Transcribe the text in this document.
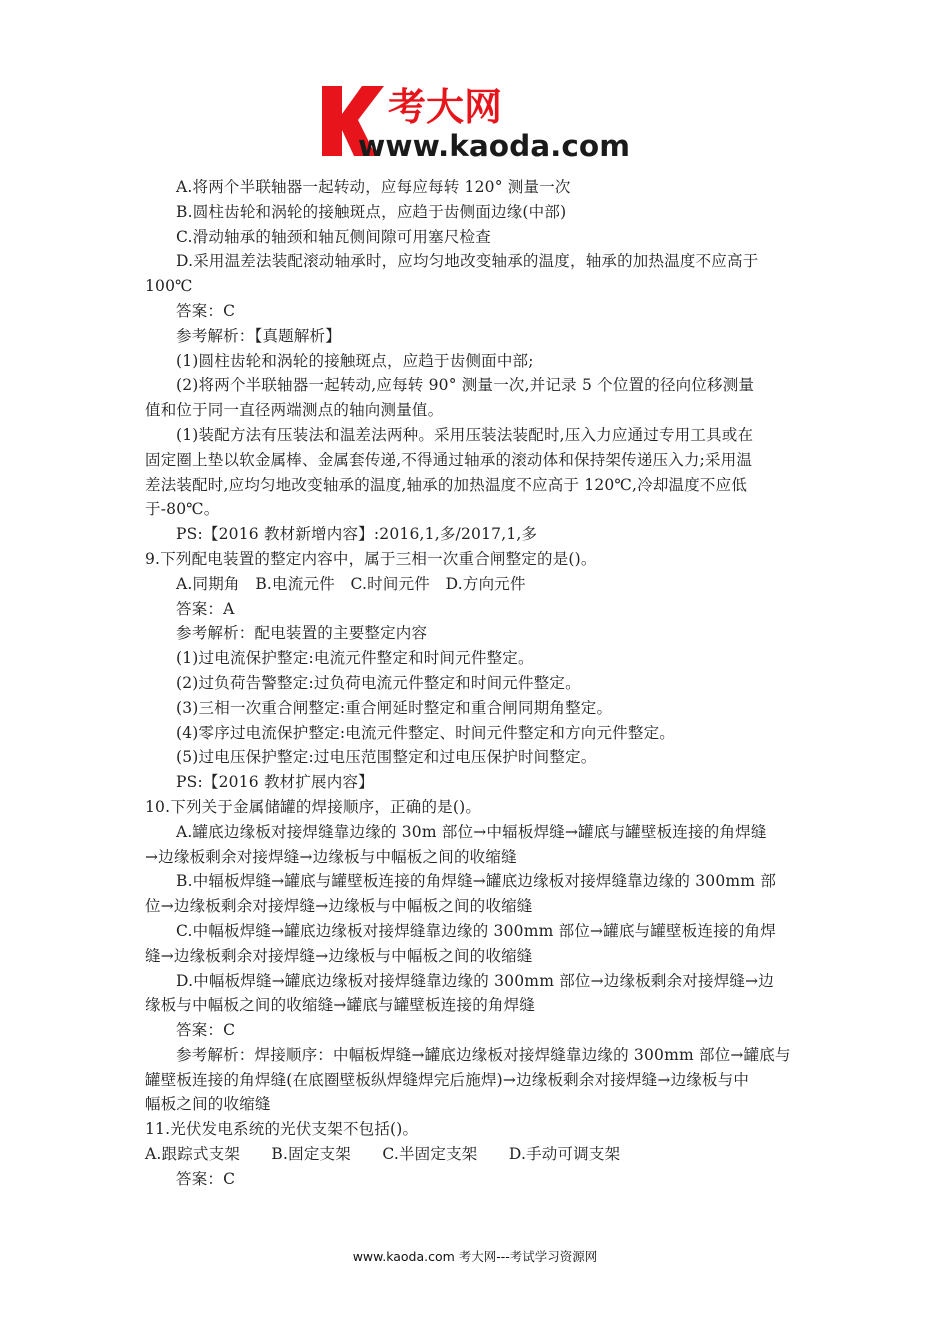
考大网
www.kaoda.com
A.将两个半联轴器一起转动，应每应每转 120° 测量一次
B.圆柱齿轮和涡轮的接触斑点，应趋于齿侧面边缘(中部)
C.滑动轴承的轴颈和轴瓦侧间隙可用塞尺检查
D.采用温差法装配滚动轴承时，应均匀地改变轴承的温度，轴承的加热温度不应高于
100℃
答案：C
参考解析：【真题解析】
(1)圆柱齿轮和涡轮的接触斑点，应趋于齿侧面中部;
(2)将两个半联轴器一起转动,应每转 90° 测量一次,并记录 5 个位置的径向位移测量
值和位于同一直径两端测点的轴向测量值。
(1)装配方法有压装法和温差法两种。采用压装法装配时,压入力应通过专用工具或在
固定圈上垫以软金属棒、金属套传递,不得通过轴承的滚动体和保持架传递压入力;采用温
差法装配时,应均匀地改变轴承的温度,轴承的加热温度不应高于 120℃,冷却温度不应低
于-80℃。
PS:【2016 教材新增内容】:2016,1,多/2017,1,多
9.下列配电装置的整定内容中，属于三相一次重合闸整定的是()。
A.同期角　B.电流元件　C.时间元件　D.方向元件
答案：A
参考解析：配电装置的主要整定内容
(1)过电流保护整定:电流元件整定和时间元件整定。
(2)过负荷告警整定:过负荷电流元件整定和时间元件整定。
(3)三相一次重合闸整定:重合闸延时整定和重合闸同期角整定。
(4)零序过电流保护整定:电流元件整定、时间元件整定和方向元件整定。
(5)过电压保护整定:过电压范围整定和过电压保护时间整定。
PS:【2016 教材扩展内容】
10.下列关于金属储罐的焊接顺序，正确的是()。
A.罐底边缘板对接焊缝靠边缘的 30m 部位→中辐板焊缝→罐底与罐壁板连接的角焊缝
→边缘板剩余对接焊缝→边缘板与中幅板之间的收缩缝
B.中辐板焊缝→罐底与罐壁板连接的角焊缝→罐底边缘板对接焊缝靠边缘的 300mm 部
位→边缘板剩余对接焊缝→边缘板与中幅板之间的收缩缝
C.中幅板焊缝→罐底边缘板对接焊缝靠边缘的 300mm 部位→罐底与罐壁板连接的角焊
缝→边缘板剩余对接焊缝→边缘板与中幅板之间的收缩缝
D.中幅板焊缝→罐底边缘板对接焊缝靠边缘的 300mm 部位→边缘板剩余对接焊缝→边
缘板与中幅板之间的收缩缝→罐底与罐壁板连接的角焊缝
答案：C
参考解析：焊接顺序：中幅板焊缝→罐底边缘板对接焊缝靠边缘的 300mm 部位→罐底与
罐壁板连接的角焊缝(在底圈壁板纵焊缝焊完后施焊)→边缘板剩余对接焊缝→边缘板与中
幅板之间的收缩缝
11.光伏发电系统的光伏支架不包括()。
A.跟踪式支架　　B.固定支架　　C.半固定支架　　D.手动可调支架
答案：C
www.kaoda.com 考大网---考试学习资源网
